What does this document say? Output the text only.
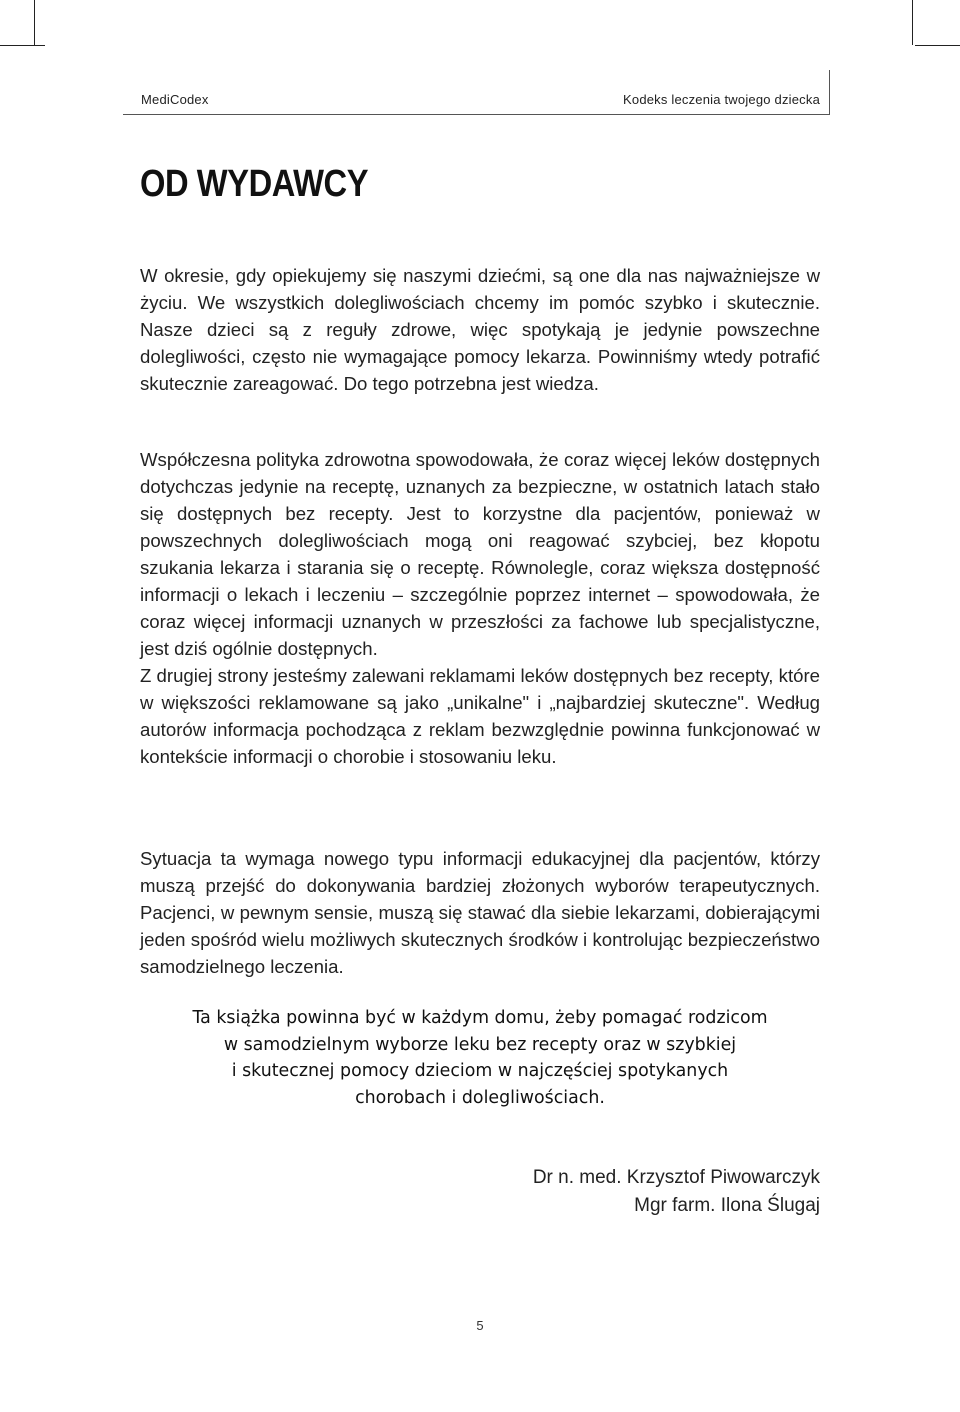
MediCodex	Kodeks leczenia twojego dziecka
OD WYDAWCY

W okresie, gdy opiekujemy się naszymi dziećmi, są one dla nas najważniejsze w życiu. We wszystkich dolegliwościach chcemy im pomóc szybko i skutecznie. Nasze dzieci są z reguły zdrowe, więc spotykają je jedynie powszechne dolegliwości, często nie wymagające pomocy lekarza. Powinniśmy wtedy potrafić skutecznie zareagować. Do tego potrzebna jest wiedza.

Współczesna polityka zdrowotna spowodowała, że coraz więcej leków dostępnych dotychczas jedynie na receptę, uznanych za bezpieczne, w ostatnich latach stało się dostępnych bez recepty. Jest to korzystne dla pacjentów, ponieważ w powszechnych dolegliwościach mogą oni reagować szybciej, bez kłopotu szukania lekarza i starania się o receptę. Równolegle, coraz większa dostępność informacji o lekach i leczeniu – szczególnie poprzez internet – spowodowała, że coraz więcej informacji uznanych w przeszłości za fachowe lub specjalistyczne, jest dziś ogólnie dostępnych.
Z drugiej strony jesteśmy zalewani reklamami leków dostępnych bez recepty, które w większości reklamowane są jako „unikalne" i „najbardziej skuteczne". Według autorów informacja pochodząca z reklam bezwzględnie powinna funkcjonować w kontekście informacji o chorobie i stosowaniu leku.

Sytuacja ta wymaga nowego typu informacji edukacyjnej dla pacjentów, którzy muszą przejść do dokonywania bardziej złożonych wyborów terapeutycznych. Pacjenci, w pewnym sensie, muszą się stawać dla siebie lekarzami, dobierającymi jeden spośród wielu możliwych skutecznych środków i kontrolując bezpieczeństwo samodzielnego leczenia.

Ta książka powinna być w każdym domu, żeby pomagać rodzicom
w samodzielnym wyborze leku bez recepty oraz w szybkiej
i skutecznej pomocy dzieciom w najczęściej spotykanych
chorobach i dolegliwościach.

Dr n. med. Krzysztof Piwowarczyk
Mgr farm. Ilona Ślugaj
5
